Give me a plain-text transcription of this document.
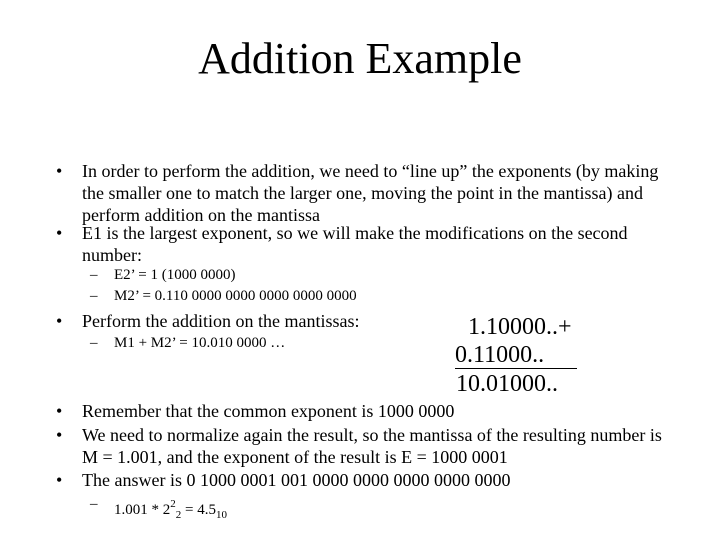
Addition Example
• In order to perform the addition, we need to “line up” the exponents (by making the smaller one to match the larger one, moving the point in the mantissa) and perform addition on the mantissa
• E1 is the largest exponent, so we will make the modifications on the second number:
– E2’ = 1 (1000 0000)
– M2’ = 0.110 0000 0000 0000 0000 0000
• Perform the addition on the mantissas:
– M1 + M2’ = 10.010 0000 …
1.10000..+
0.11000..
10.01000..
• Remember that the common exponent is 1000 0000
• We need to normalize again the result, so the mantissa of the resulting number is M = 1.001, and the exponent of the result is E = 1000 0001
• The answer is 0 1000 0001 001 0000 0000 0000 0000 0000
– $1.001 * 2^2_2 = 4.5_{10}$
